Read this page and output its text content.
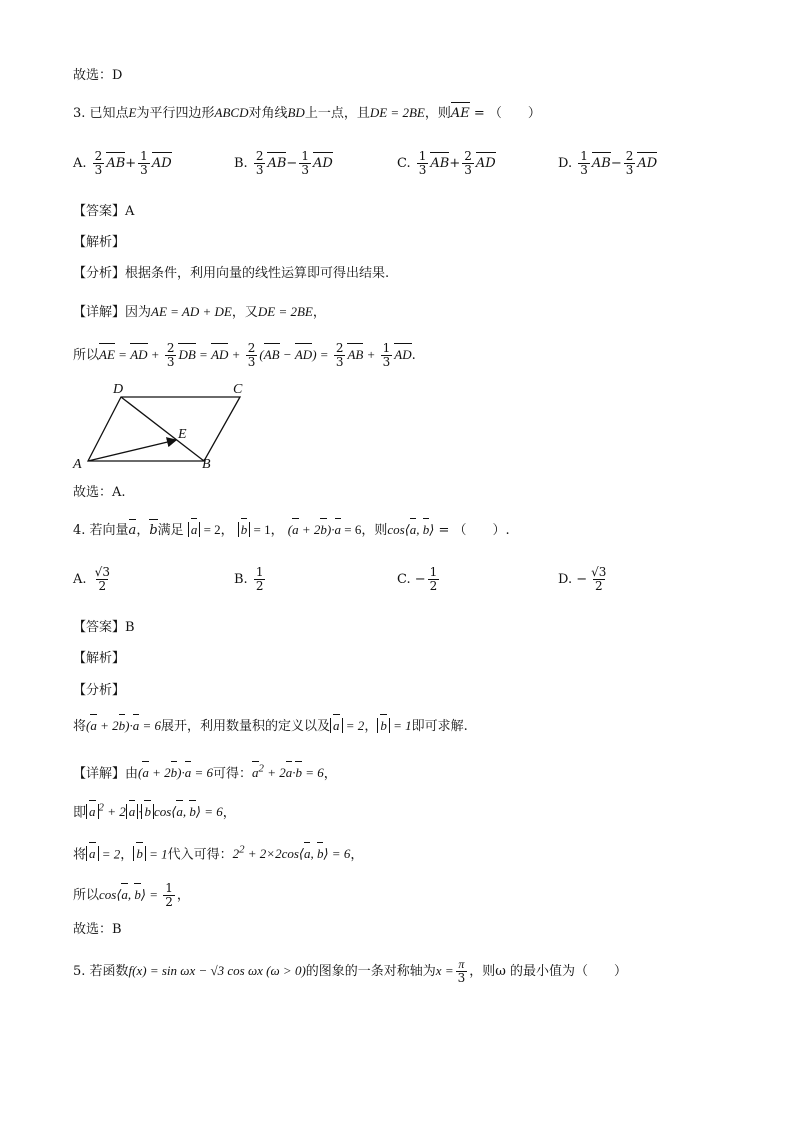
故选：D
3. 已知点E为平行四边形ABCD对角线BD上一点，且DE = 2BE，则AE = （　　）
A. $\frac{2}{3} AB+ \frac{1}{3}$ AD	B. $\frac{2}{3} AB- \frac{1}{3}$ AD	C. $\frac{1}{3} AB+ \frac{2}{3}$ AD	D. $\frac{1}{3} AB- \frac{2}{3}$ AD
【答案】A
【解析】
【分析】根据条件，利用向量的线性运算即可得出结果.
【详解】因为AE = AD + DE，又DE = 2BE，
所以AE = AD + $\frac{2}{3}$ DB = AD + $\frac{2}{3} (AB - AD) = \frac{2}{3}$ AB + $\frac{1}{3}$ AD.
D	C
E
A	B
故选：A.
4. 若向量a，b满足 a = 2， b = 1， (a + 2b)·a = 6，则cos⟨a, b⟩ = （　　）.
A. $\frac{√3}{2}$	B. $\frac{1}{2}$	C. − $\frac{1}{2}$	D. − $\frac{√3}{2}$
【答案】B
【解析】
【分析】
将(a + 2b)·a = 6展开，利用数量积的定义以及 a = 2， b = 1即可求解.
【详解】由(a + 2b)·a = 6可得：$a^2 + 2a\cdot b = 6$，
即 a $^2$ + 2 a · b cos⟨a, b⟩ = 6，
将 a = 2， b = 1代入可得：$2^2$ + 2×2cos⟨a, b⟩ = 6，
所以cos⟨a, b⟩ = $\frac{1}{2}$ ，
故选：B
5. 若函数f(x) = sin ωx − √3 cos ωx (ω > 0)的图象的一条对称轴为$x = \frac{\pi}{3}$ ，则ω 的最小值为（　　）
